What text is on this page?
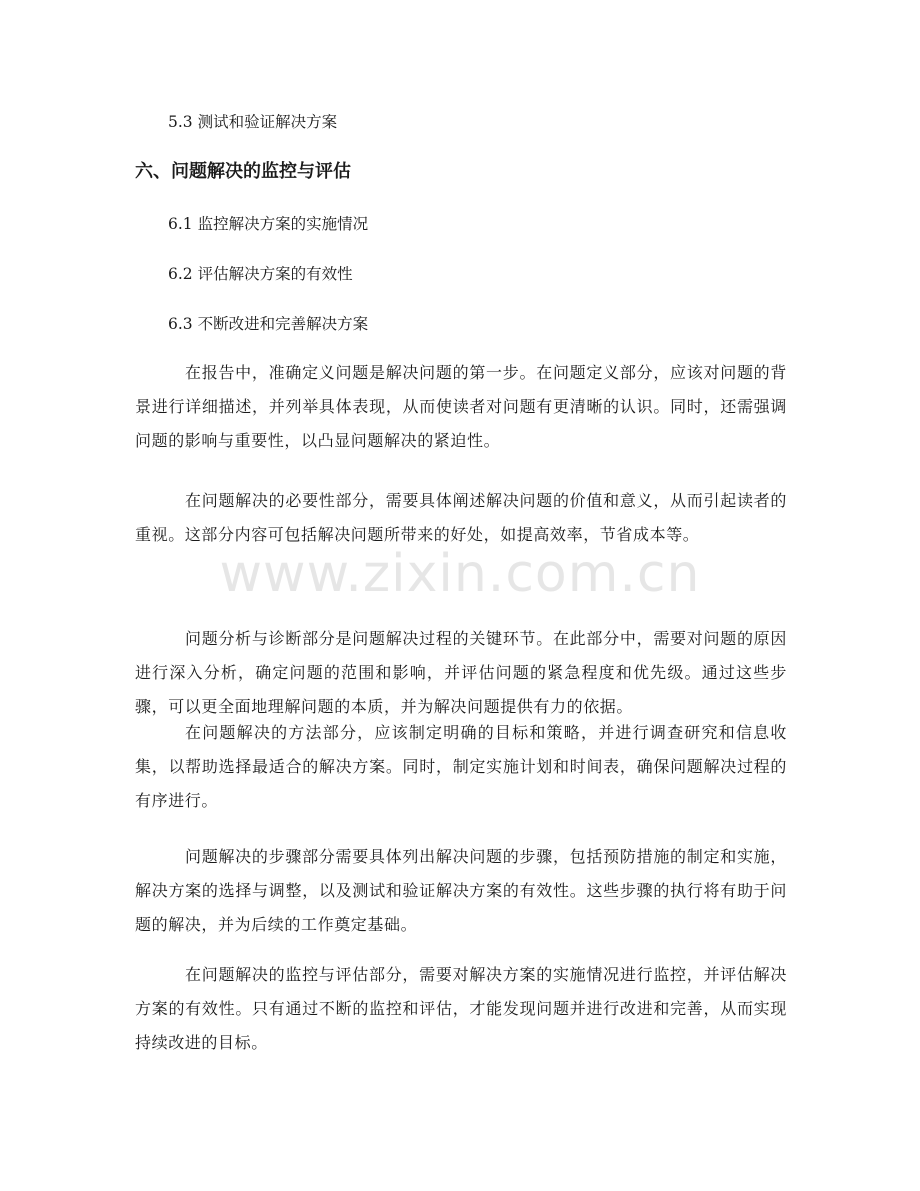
5.3 测试和验证解决方案
六、问题解决的监控与评估
6.1 监控解决方案的实施情况
6.2 评估解决方案的有效性
6.3 不断改进和完善解决方案
在报告中，准确定义问题是解决问题的第一步。在问题定义部分，应该对问题的背景进行详细描述，并列举具体表现，从而使读者对问题有更清晰的认识。同时，还需强调问题的影响与重要性，以凸显问题解决的紧迫性。
在问题解决的必要性部分，需要具体阐述解决问题的价值和意义，从而引起读者的重视。这部分内容可包括解决问题所带来的好处，如提高效率，节省成本等。
问题分析与诊断部分是问题解决过程的关键环节。在此部分中，需要对问题的原因进行深入分析，确定问题的范围和影响，并评估问题的紧急程度和优先级。通过这些步骤，可以更全面地理解问题的本质，并为解决问题提供有力的依据。
在问题解决的方法部分，应该制定明确的目标和策略，并进行调查研究和信息收集，以帮助选择最适合的解决方案。同时，制定实施计划和时间表，确保问题解决过程的有序进行。
问题解决的步骤部分需要具体列出解决问题的步骤，包括预防措施的制定和实施，解决方案的选择与调整，以及测试和验证解决方案的有效性。这些步骤的执行将有助于问题的解决，并为后续的工作奠定基础。
在问题解决的监控与评估部分，需要对解决方案的实施情况进行监控，并评估解决方案的有效性。只有通过不断的监控和评估，才能发现问题并进行改进和完善，从而实现持续改进的目标。
www.zixin.com.cn
